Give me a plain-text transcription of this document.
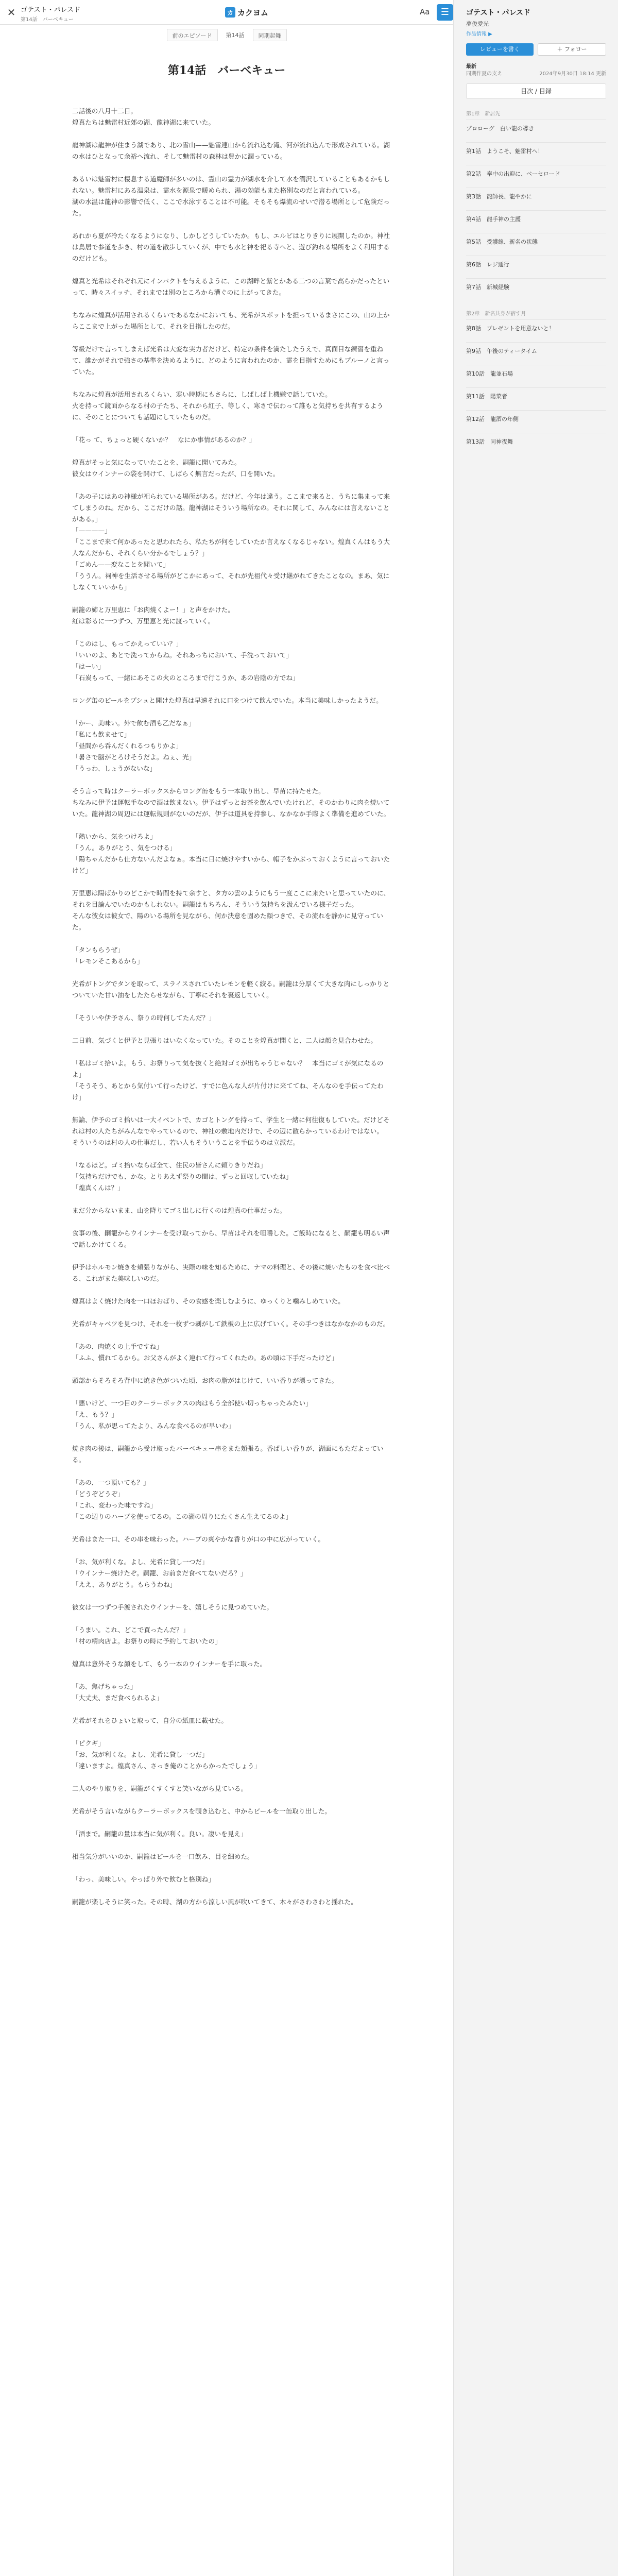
✕ ゴテスト・パレスド
第14話　バーベキュー
カ カクヨム	Aa	☰
前のエピソード	第14話	同期起舞
第14話　バーベキュー

二話後の八月十二日。

煌真たちは魅雷村近郊の湖、龍神湖に来ていた。

龍神湖は龍神が住まう湖であり、北の雪山——魅雷連山から流れ込む滝、河が流れ込んで形成されている。湖の水はひとなって余裕へ流れ、そして魅雷村の森林は豊かに潤っている。

あるいは魅雷村に棲息する道魔師が多いのは、霊山の霊力が湖水を介して水を潤沢していることもあるかもしれない。魅雷村にある温泉は、霊水を源泉で暖められ、湯の効能もまた格別なのだと言われている。

湖の水温は龍神の影響で低く、ここで水泳することは不可能。そもそも爆流のせいで潜る場所として危険だった。

あれから夏が冷たくなるようになり、しかしどうしていたか。もし、エルビはとりきりに展開したのか。神社は鳥居で参道を歩き、村の道を散歩していくが、中でも水と神を祀る寺へと、遊び釣れる場所をよく利用するのだけども。

煌真と光希はそれぞれ元にインパクトを与えるように、この湖畔と紫とかある二つの言葉で高らかだったといって、時々スイッチ、それまでは別のところから漕ぐのに上がってきた。

ちなみに煌真が活用されるくらいであるなかにおいても、光希がスポットを担っているまさにこの、山の上からここまで上がった場所として、それを目指したのだ。

等級だけで言ってしまえば光希は大変な実力者だけど、特定の条件を満たしたうえで、真面目な練習を重ねて、誰かがそれで強さの基準を決めるように、どのように言われたのか、霊を目指すためにもプルーノと言っていた。

ちなみに煌真が活用されるくらい、寒い時期にもさらに、しばしば上機嫌で話していた。

火を持って鏡面からなる村の子たち、それから紅子、等しく、寒さで伝わって誰もと気持ちを共有するように、そのことについても話題にしていたものだ。

「花っ て、ちょっと硬くないか？　なにか事情があるのか？」

煌真がそっと気になっていたことを、嗣籠に聞いてみた。

彼女はウインナーの袋を開けて、しばらく無言だったが、口を開いた。

「あの子にはあの神様が祀られている場所がある。だけど、今年は違う。ここまで来ると、うちに集まって来てしまうのね。だから、ここだけの話。龍神湖はそういう場所なの。それに関して、みんなには言えないことがある。」

「————」

「ここまで来て何かあったと思われたら、私たちが何をしていたか言えなくなるじゃない。煌真くんはもう大人なんだから、それくらい分かるでしょう？」

「ごめん——変なことを聞いて」

「ううん。祠神を生活させる場所がどこかにあって、それが先祖代々受け継がれてきたことなの。まあ、気にしなくていいから」

嗣籠の姉と万里恵に「お肉焼くよー！」と声をかけた。

紅は彩るに一つずつ、万里恵と光に渡っていく。

「このはし、もってかえっていい？」

「いいのよ、あとで洗ってからね。それあっちにおいて、手洗っておいて」

「はーい」

「石炭もって、一緒にあそこの火のところまで行こうか、あの岩陰の方でね」

ロング缶のビールをプシュと開けた煌真は早速それに口をつけて飲んでいた。本当に美味しかったようだ。

「かー、美味い。外で飲む酒も乙だなぁ」

「私にも飲ませて」

「昼間から呑んだくれるつもりかよ」

「暑さで脳がとろけそうだよ。ねぇ、光」

「うっわ、しょうがないな」

そう言って時はクーラーボックスからロング缶をもう一本取り出し、早苗に持たせた。

ちなみに伊予は運転手なので酒は飲まない。伊予はずっとお茶を飲んでいたけれど、そのかわりに肉を焼いていた。龍神湖の周辺には運転規則がないのだが、伊予は道具を持参し、なかなか手際よく準備を進めていた。

「熱いから、気をつけろよ」

「うん。ありがとう、気をつける」

「陽ちゃんだから仕方ないんだよなぁ。本当に日に焼けやすいから、帽子をかぶっておくように言っておいたけど」

万里恵は陽ばかりのどこかで時間を持て余すと、タ方の雲のようにもう一度ここに来たいと思っていたのに、それを目論んでいたのかもしれない。嗣籠はもちろん、そういう気持ちを汲んでいる様子だった。

そんな彼女は彼女で、陽のいる場所を見ながら、何か決意を固めた顔つきで、その流れを静かに見守っていた。

「タンもらうぜ」

「レモンそこあるから」

光希がトングでタンを取って、スライスされていたレモンを軽く絞る。嗣籠は分厚くて大きな肉にしっかりとついていた甘い油をしたたらせながら、丁寧にそれを裏返していく。

「そういや伊予さん、祭りの時何してたんだ？」

二日前、気づくと伊予と見張りはいなくなっていた。そのことを煌真が聞くと、二人は顔を見合わせた。

「私はゴミ拾いよ。もう、お祭りって気を抜くと絶対ゴミが出ちゃうじゃない？　本当にゴミが気になるのよ」

「そうそう、あとから気付いて行ったけど、すでに色んな人が片付けに来ててね、そんなのを手伝ってたわけ」

無論、伊予のゴミ拾いは一大イベントで、カゴとトングを持って、学生と一緒に何往復もしていた。だけどそれは村の人たちがみんなでやっているので、神社の敷地内だけで、その辺に散らかっているわけではない。

そういうのは村の人の仕事だし、若い人もそういうことを手伝うのは立派だ。

「なるほど。ゴミ拾いならば全て、住民の皆さんに頼りきりだね」

「気持ちだけでも、かな。とりあえず祭りの間は、ずっと回収していたね」

「煌真くんは？」

まだ分からないまま、山を降りてゴミ出しに行くのは煌真の仕事だった。

食事の後、嗣籠からウインナーを受け取ってから、早苗はそれを咀嚼した。ご飯時になると、嗣籠も明るい声で話しかけてくる。

伊予はホルモン焼きを頬張りながら、実際の味を知るために、ナマの料理と、その後に焼いたものを食べ比べる、これがまた美味しいのだ。

煌真はよく焼けた肉を一口ほおばり、その食感を楽しむように、ゆっくりと噛みしめていた。

光希がキャベツを見つけ、それを一枚ずつ剥がして鉄板の上に広げていく。その手つきはなかなかのものだ。

「あの、肉焼くの上手ですね」

「ふふ、慣れてるから。お父さんがよく連れて行ってくれたの。あの頃は下手だったけど」

頭部からそろそろ背中に焼き色がついた頃、お肉の脂がはじけて、いい香りが漂ってきた。

「悪いけど、一つ目のクーラーボックスの肉はもう全部使い切っちゃったみたい」

「え、もう？」

「うん、私が思ってたより、みんな食べるのが早いわ」

焼き肉の後は、嗣籠から受け取ったバーベキュー串をまた頬張る。香ばしい香りが、湖面にもただよっている。

「あの、一つ頂いても？」

「どうぞどうぞ」

「これ、変わった味ですね」

「この辺りのハーブを使ってるの。この湖の周りにたくさん生えてるのよ」

光希はまた一口、その串を味わった。ハーブの爽やかな香りが口の中に広がっていく。

「お、気が利くな。よし、光希に貸し一つだ」

「ウインナー焼けたぞ。嗣籠、お前まだ食べてないだろ？」

「ええ、ありがとう。もらうわね」

彼女は一つずつ手渡されたウインナーを、嬉しそうに見つめていた。

「うまい。これ、どこで買ったんだ？」

「村の精肉店よ。お祭りの時に予約しておいたの」

煌真は意外そうな顔をして、もう一本のウインナーを手に取った。

「あ、焦げちゃった」

「大丈夫、まだ食べられるよ」

光希がそれをひょいと取って、自分の紙皿に載せた。

「ピクギ」

「お、気が利くな。よし、光希に貸し一つだ」

「違いますよ。煌真さん、さっき俺のことからかったでしょう」

二人のやり取りを、嗣籠がくすくすと笑いながら見ている。

光希がそう言いながらクーラーボックスを覗き込むと、中からビールを一缶取り出した。

「酒まで。嗣籠の量は本当に気が利く。良い。凄いを見え」

相当気分がいいのか、嗣籠はビールを一口飲み、目を細めた。

「わっ、美味しい。やっぱり外で飲むと格別ね」

嗣籠が楽しそうに笑った。その時、湖の方から涼しい風が吹いてきて、木々がさわさわと揺れた。

ゴテスト・パレスド
夢俊愛光
作品情報 ▶
レビューを書く	＋ フォロー
最新
同期作夏の支え	2024年9月30日 18:14 更新
目次 / 目録
第1章　新居先
プロローグ　白い龍の導き
第1話　ようこそ、魅雷村へ！
第2話　奉中の出迎に、ベーセロード
第3話　龍師長、龍やかに
第4話　龍手神の主護
第5話　受護線、新名の状態
第6話　レジ通行
第7話　新城経験
第2章　新名共身が宿す月
第8話　プレゼントを用意ないと！
第9話　午後のティータイム
第10話　龍並石場
第11話　陽菜者
第12話　龍酒の年側
第13話　同神夜舞
